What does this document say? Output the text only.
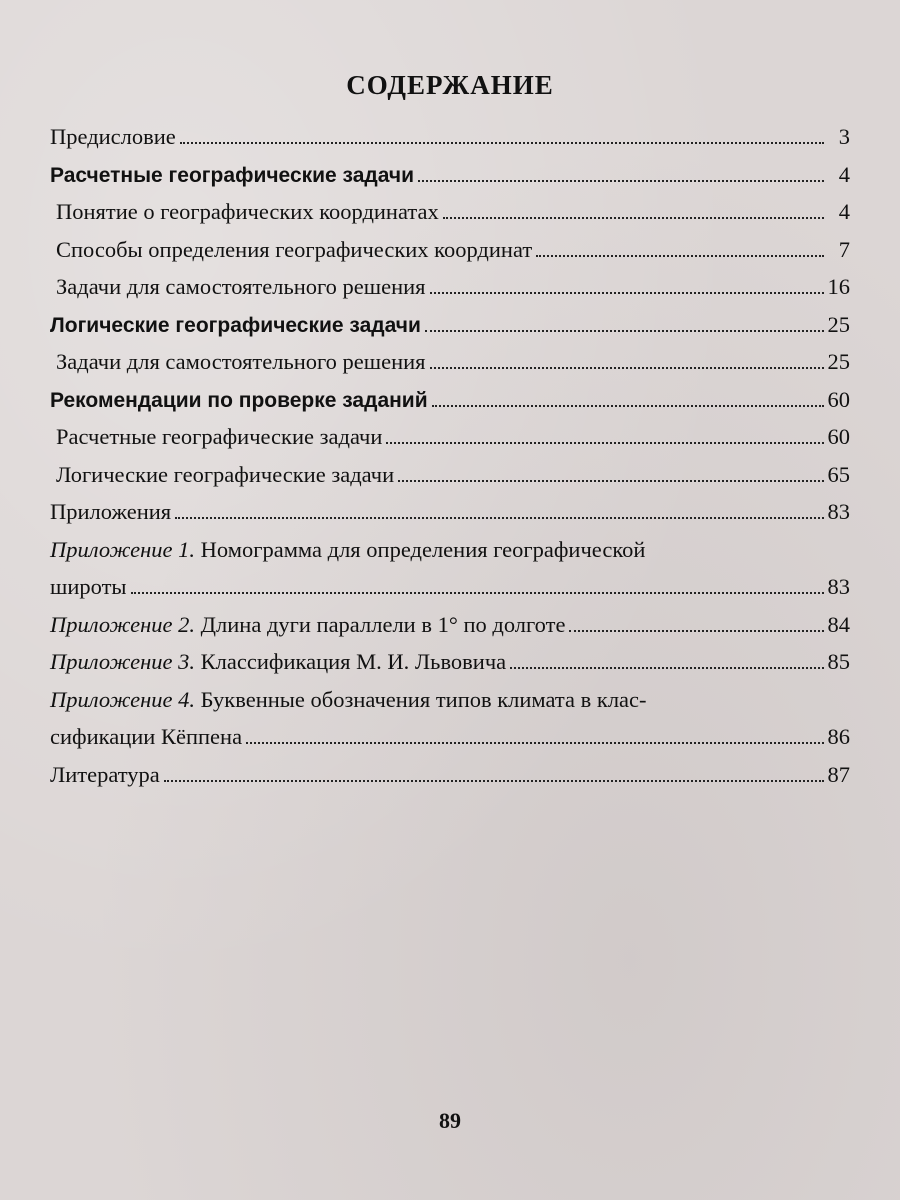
СОДЕРЖАНИЕ
Предисловие	3
Расчетные географические задачи	4
Понятие о географических координатах	4
Способы определения географических координат	7
Задачи для самостоятельного решения	16
Логические географические задачи	25
Задачи для самостоятельного решения	25
Рекомендации по проверке заданий	60
Расчетные географические задачи	60
Логические географические задачи	65
Приложения	83
Приложение 1. Номограмма для определения географической
широты	83
Приложение 2. Длина дуги параллели в 1° по долготе	84
Приложение 3. Классификация М. И. Львовича	85
Приложение 4. Буквенные обозначения типов климата в клас-
сификации Кёппена	86
Литература	87
89
